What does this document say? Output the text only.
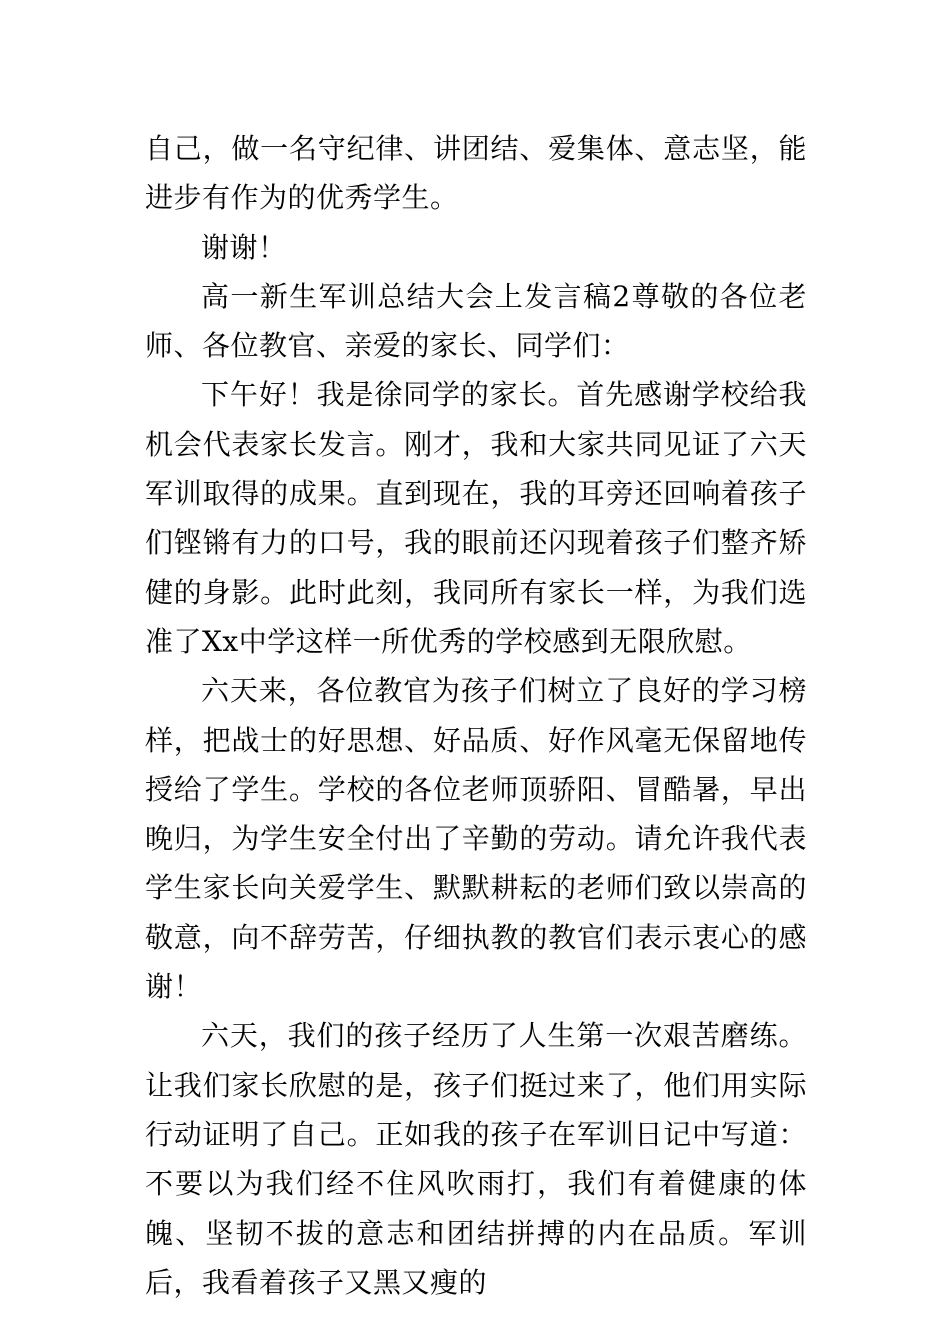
自己，做一名守纪律、讲团结、爱集体、意志坚，能进步有作为的优秀学生。

谢谢！

高一新生军训总结大会上发言稿2尊敬的各位老师、各位教官、亲爱的家长、同学们：

下午好！我是徐同学的家长。首先感谢学校给我机会代表家长发言。刚才，我和大家共同见证了六天军训取得的成果。直到现在，我的耳旁还回响着孩子们铿锵有力的口号，我的眼前还闪现着孩子们整齐矫健的身影。此时此刻，我同所有家长一样，为我们选准了Xx中学这样一所优秀的学校感到无限欣慰。

六天来，各位教官为孩子们树立了良好的学习榜样，把战士的好思想、好品质、好作风毫无保留地传授给了学生。学校的各位老师顶骄阳、冒酷暑，早出晚归，为学生安全付出了辛勤的劳动。请允许我代表学生家长向关爱学生、默默耕耘的老师们致以崇高的敬意，向不辞劳苦，仔细执教的教官们表示衷心的感谢！

六天，我们的孩子经历了人生第一次艰苦磨练。让我们家长欣慰的是，孩子们挺过来了，他们用实际行动证明了自己。正如我的孩子在军训日记中写道：不要以为我们经不住风吹雨打，我们有着健康的体魄、坚韧不拔的意志和团结拼搏的内在品质。军训后，我看着孩子又黑又瘦的
